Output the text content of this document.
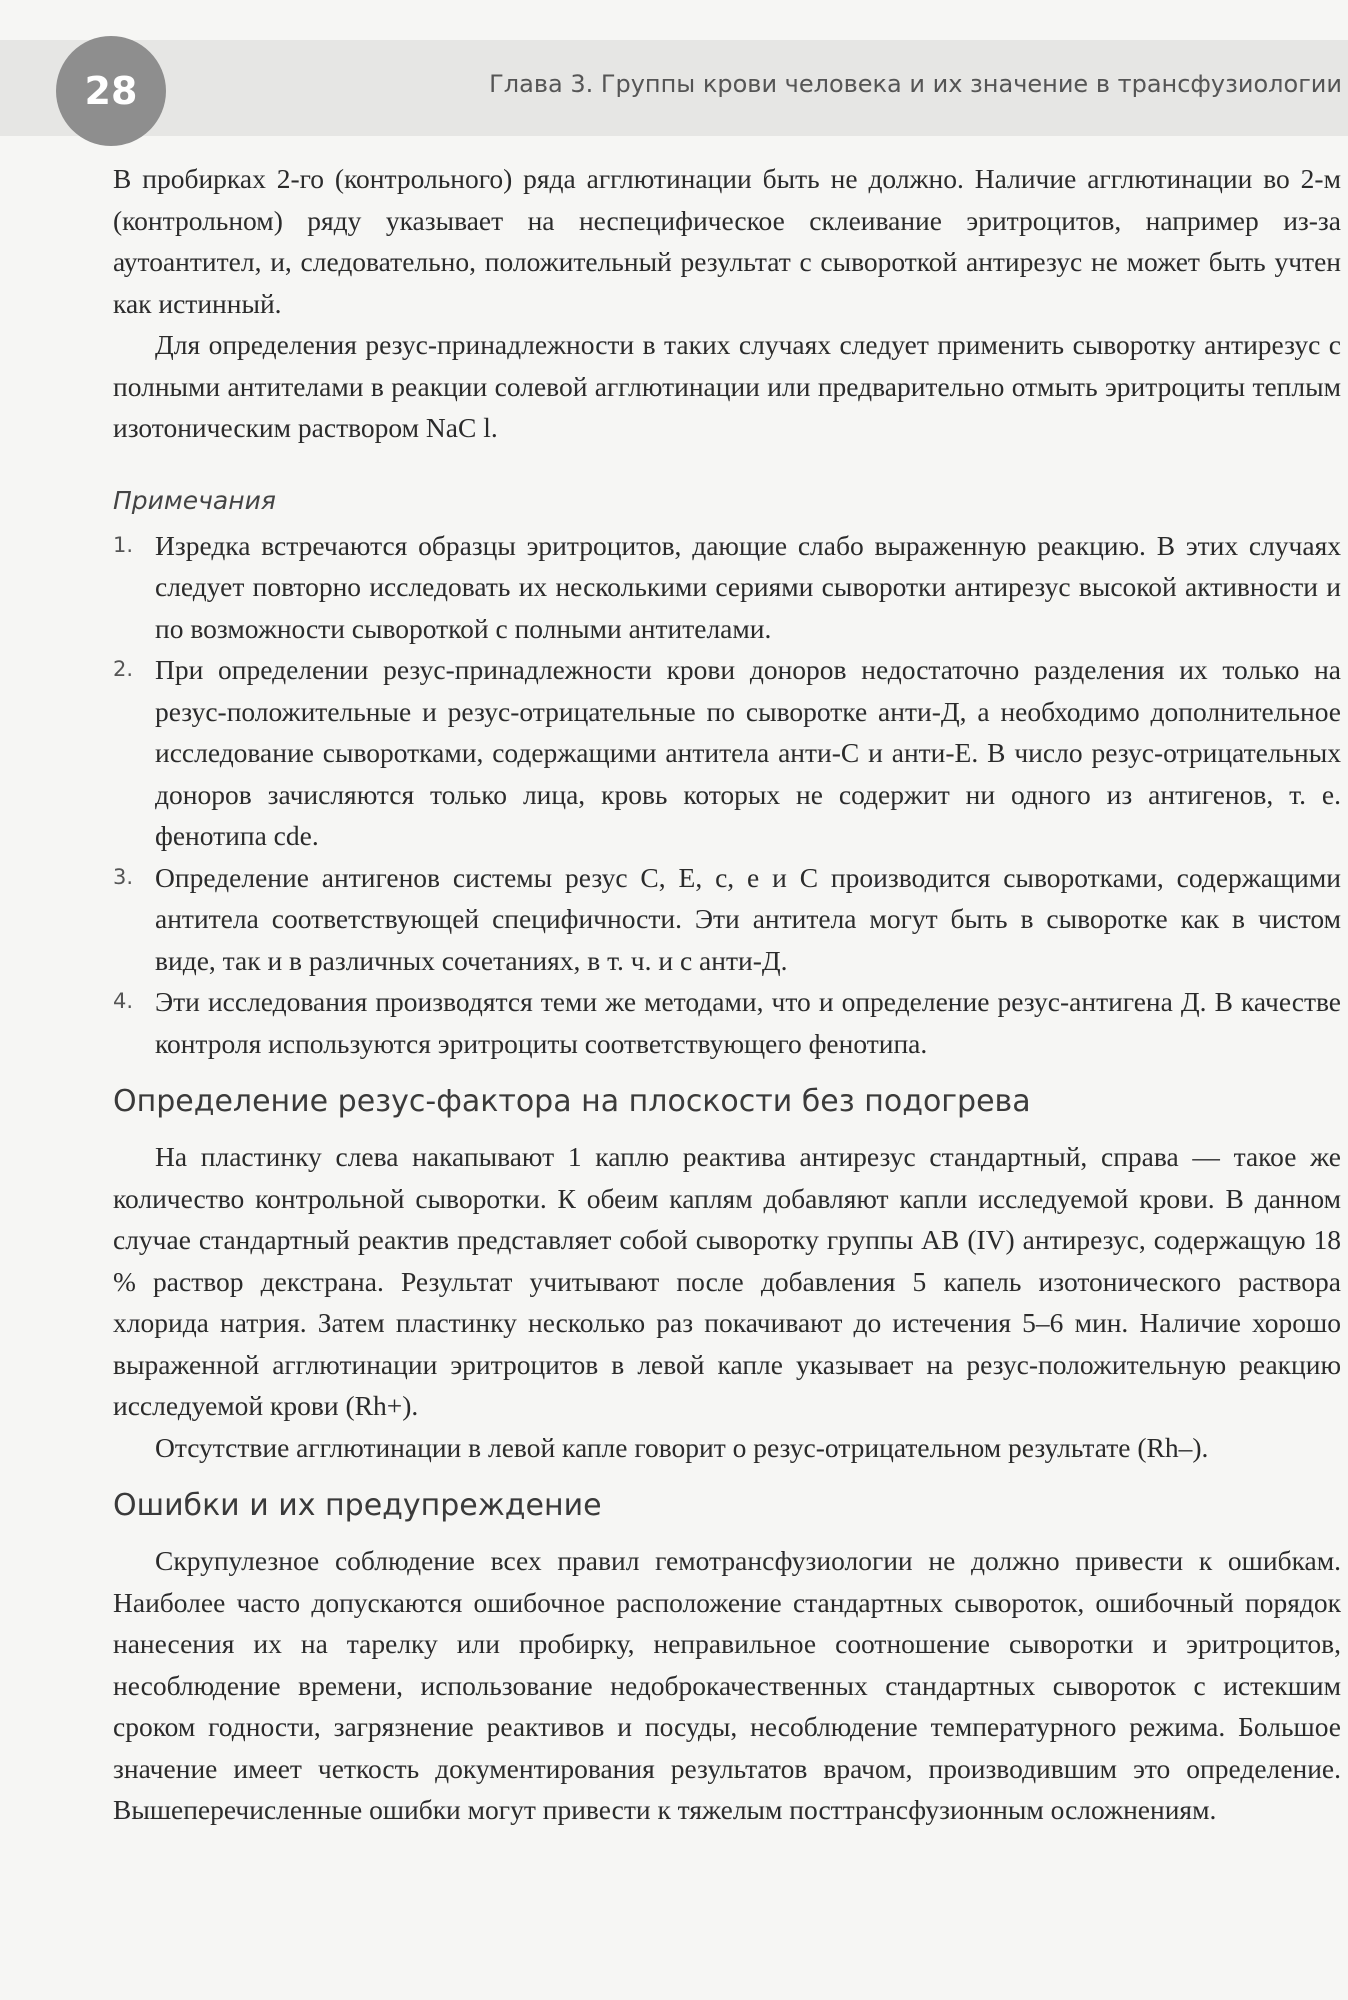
28	Глава 3. Группы крови человека и их значение в трансфузиологии

В пробирках 2-го (контрольного) ряда агглютинации быть не должно. Наличие агглютинации во 2-м (контрольном) ряду указывает на неспецифическое склеивание эритроцитов, например из-за аутоантител, и, следовательно, положительный результат с сывороткой антирезус не может быть учтен как истинный.

Для определения резус-принадлежности в таких случаях следует применить сыворотку антирезус с полными антителами в реакции солевой агглютинации или предварительно отмыть эритроциты теплым изотоническим раствором NaC l.

Примечания
1. Изредка встречаются образцы эритроцитов, дающие слабо выраженную реакцию. В этих случаях следует повторно исследовать их несколькими сериями сыворотки антирезус высокой активности и по возможности сывороткой с полными антителами.
2. При определении резус-принадлежности крови доноров недостаточно разделения их только на резус-положительные и резус-отрицательные по сыворотке анти-Д, а необходимо дополнительное исследование сыворотками, содержащими антитела анти-С и анти-Е. В число резус-отрицательных доноров зачисляются только лица, кровь которых не содержит ни одного из антигенов, т. е. фенотипа cde.
3. Определение антигенов системы резус С, Е, с, е и С производится сыворотками, содержащими антитела соответствующей специфичности. Эти антитела могут быть в сыворотке как в чистом виде, так и в различных сочетаниях, в т. ч. и с анти-Д.
4. Эти исследования производятся теми же методами, что и определение резус-антигена Д. В качестве контроля используются эритроциты соответствующего фенотипа.
Определение резус-фактора на плоскости без подогрева

На пластинку слева накапывают 1 каплю реактива антирезус стандартный, справа — такое же количество контрольной сыворотки. К обеим каплям добавляют капли исследуемой крови. В данном случае стандартный реактив представляет собой сыворотку группы АВ (IV) антирезус, содержащую 18 % раствор декстрана. Результат учитывают после добавления 5 капель изотонического раствора хлорида натрия. Затем пластинку несколько раз покачивают до истечения 5–6 мин. Наличие хорошо выраженной агглютинации эритроцитов в левой капле указывает на резус-положительную реакцию исследуемой крови (Rh+).

Отсутствие агглютинации в левой капле говорит о резус-отрицательном результате (Rh–).

Ошибки и их предупреждение

Скрупулезное соблюдение всех правил гемотрансфузиологии не должно привести к ошибкам. Наиболее часто допускаются ошибочное расположение стандартных сывороток, ошибочный порядок нанесения их на тарелку или пробирку, неправильное соотношение сыворотки и эритроцитов, несоблюдение времени, использование недоброкачественных стандартных сывороток с истекшим сроком годности, загрязнение реактивов и посуды, несоблюдение температурного режима. Большое значение имеет четкость документирования результатов врачом, производившим это определение. Вышеперечисленные ошибки могут привести к тяжелым посттрансфузионным осложнениям.
